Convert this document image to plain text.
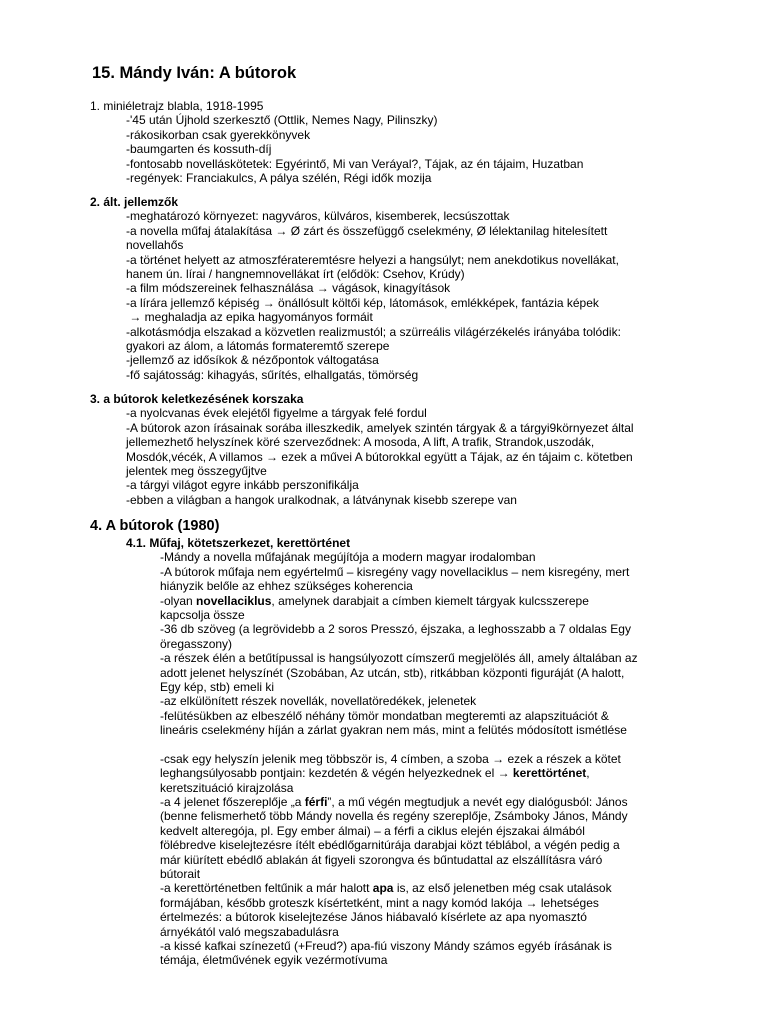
15. Mándy Iván: A bútorok
1. miniéletrajz blabla, 1918-1995
-'45 után Újhold szerkesztő (Ottlik, Nemes Nagy, Pilinszky)
-rákosikorban csak gyerekkönyvek
-baumgarten és kossuth-díj
-fontosabb novelláskötetek: Egyérintő, Mi van Veráyal?, Tájak, az én tájaim, Huzatban
-regények: Franciakulcs, A pálya szélén, Régi idők mozija
2. ált. jellemzők
-meghatározó környezet: nagyváros, külváros, kisemberek, lecsúszottak
-a novella műfaj átalakítása → Ø zárt és összefüggő cselekmény, Ø lélektanilag hitelesített
novellahős
-a történet helyett az atmoszférateremtésre helyezi a hangsúlyt; nem anekdotikus novellákat,
hanem ún. lírai / hangnemnovellákat írt (elődök: Csehov, Krúdy)
-a film módszereinek felhasználása → vágások, kinagyítások
-a lírára jellemző képiség → önállósult költői kép, látomások, emlékképek, fantázia képek
→ meghaladja az epika hagyományos formáit
-alkotásmódja elszakad a közvetlen realizmustól; a szürreális világérzékelés irányába tolódik:
gyakori az álom, a látomás formateremtő szerepe
-jellemző az idősíkok & nézőpontok váltogatása
-fő sajátosság: kihagyás, sűrítés, elhallgatás, tömörség
3. a bútorok keletkezésének korszaka
-a nyolcvanas évek elejétől figyelme a tárgyak felé fordul
-A bútorok azon írásainak sorába illeszkedik, amelyek szintén tárgyak & a tárgyi9környezet által
jellemezhető helyszínek köré szerveződnek: A mosoda, A lift, A trafik, Strandok,uszodák,
Mosdók,vécék, A villamos → ezek a művei A bútorokkal együtt a Tájak, az én tájaim c. kötetben
jelentek meg összegyűjtve
-a tárgyi világot egyre inkább perszonifikálja
-ebben a világban a hangok uralkodnak, a látványnak kisebb szerepe van
4. A bútorok (1980)
4.1. Műfaj, kötetszerkezet, kerettörténet
-Mándy a novella műfajának megújítója a modern magyar irodalomban
-A bútorok műfaja nem egyértelmű – kisregény vagy novellaciklus – nem kisregény, mert
hiányzik belőle az ehhez szükséges koherencia
-olyan novellaciklus, amelynek darabjait a címben kiemelt tárgyak kulcsszerepe
kapcsolja össze
-36 db szöveg (a legrövidebb a 2 soros Presszó, éjszaka, a leghosszabb a 7 oldalas Egy
öregasszony)
-a részek élén a betűtípussal is hangsúlyozott címszerű megjelölés áll, amely általában az
adott jelenet helyszínét (Szobában, Az utcán, stb), ritkábban központi figuráját (A halott,
Egy kép, stb) emeli ki
-az elkülönített részek novellák, novellatöredékek, jelenetek
-felütésükben az elbeszélő néhány tömör mondatban megteremti az alapszituációt &
lineáris cselekmény híján a zárlat gyakran nem más, mint a felütés módosított ismétlése
-csak egy helyszín jelenik meg többször is, 4 címben, a szoba → ezek a részek a kötet
leghangsúlyosabb pontjain: kezdetén & végén helyezkednek el → kerettörténet,
keretszituáció kirajzolása
-a 4 jelenet főszereplője „a férfi”, a mű végén megtudjuk a nevét egy dialógusból: János
(benne felismerhető több Mándy novella és regény szereplője, Zsámboky János, Mándy
kedvelt alteregója, pl. Egy ember álmai) – a férfi a ciklus elején éjszakai álmából
fölébredve kiselejtezésre ítélt ebédlőgarnitúrája darabjai közt téblábol, a végén pedig a
már kiürített ebédlő ablakán át figyeli szorongva és bűntudattal az elszállításra váró
bútorait
-a kerettörténetben feltűnik a már halott apa is, az első jelenetben még csak utalások
formájában, később groteszk kísértetként, mint a nagy komód lakója → lehetséges
értelmezés: a bútorok kiselejtezése János hiábavaló kísérlete az apa nyomasztó
árnyékától való megszabadulásra
-a kissé kafkai színezetű (+Freud?) apa-fiú viszony Mándy számos egyéb írásának is
témája, életművének egyik vezérmotívuma
